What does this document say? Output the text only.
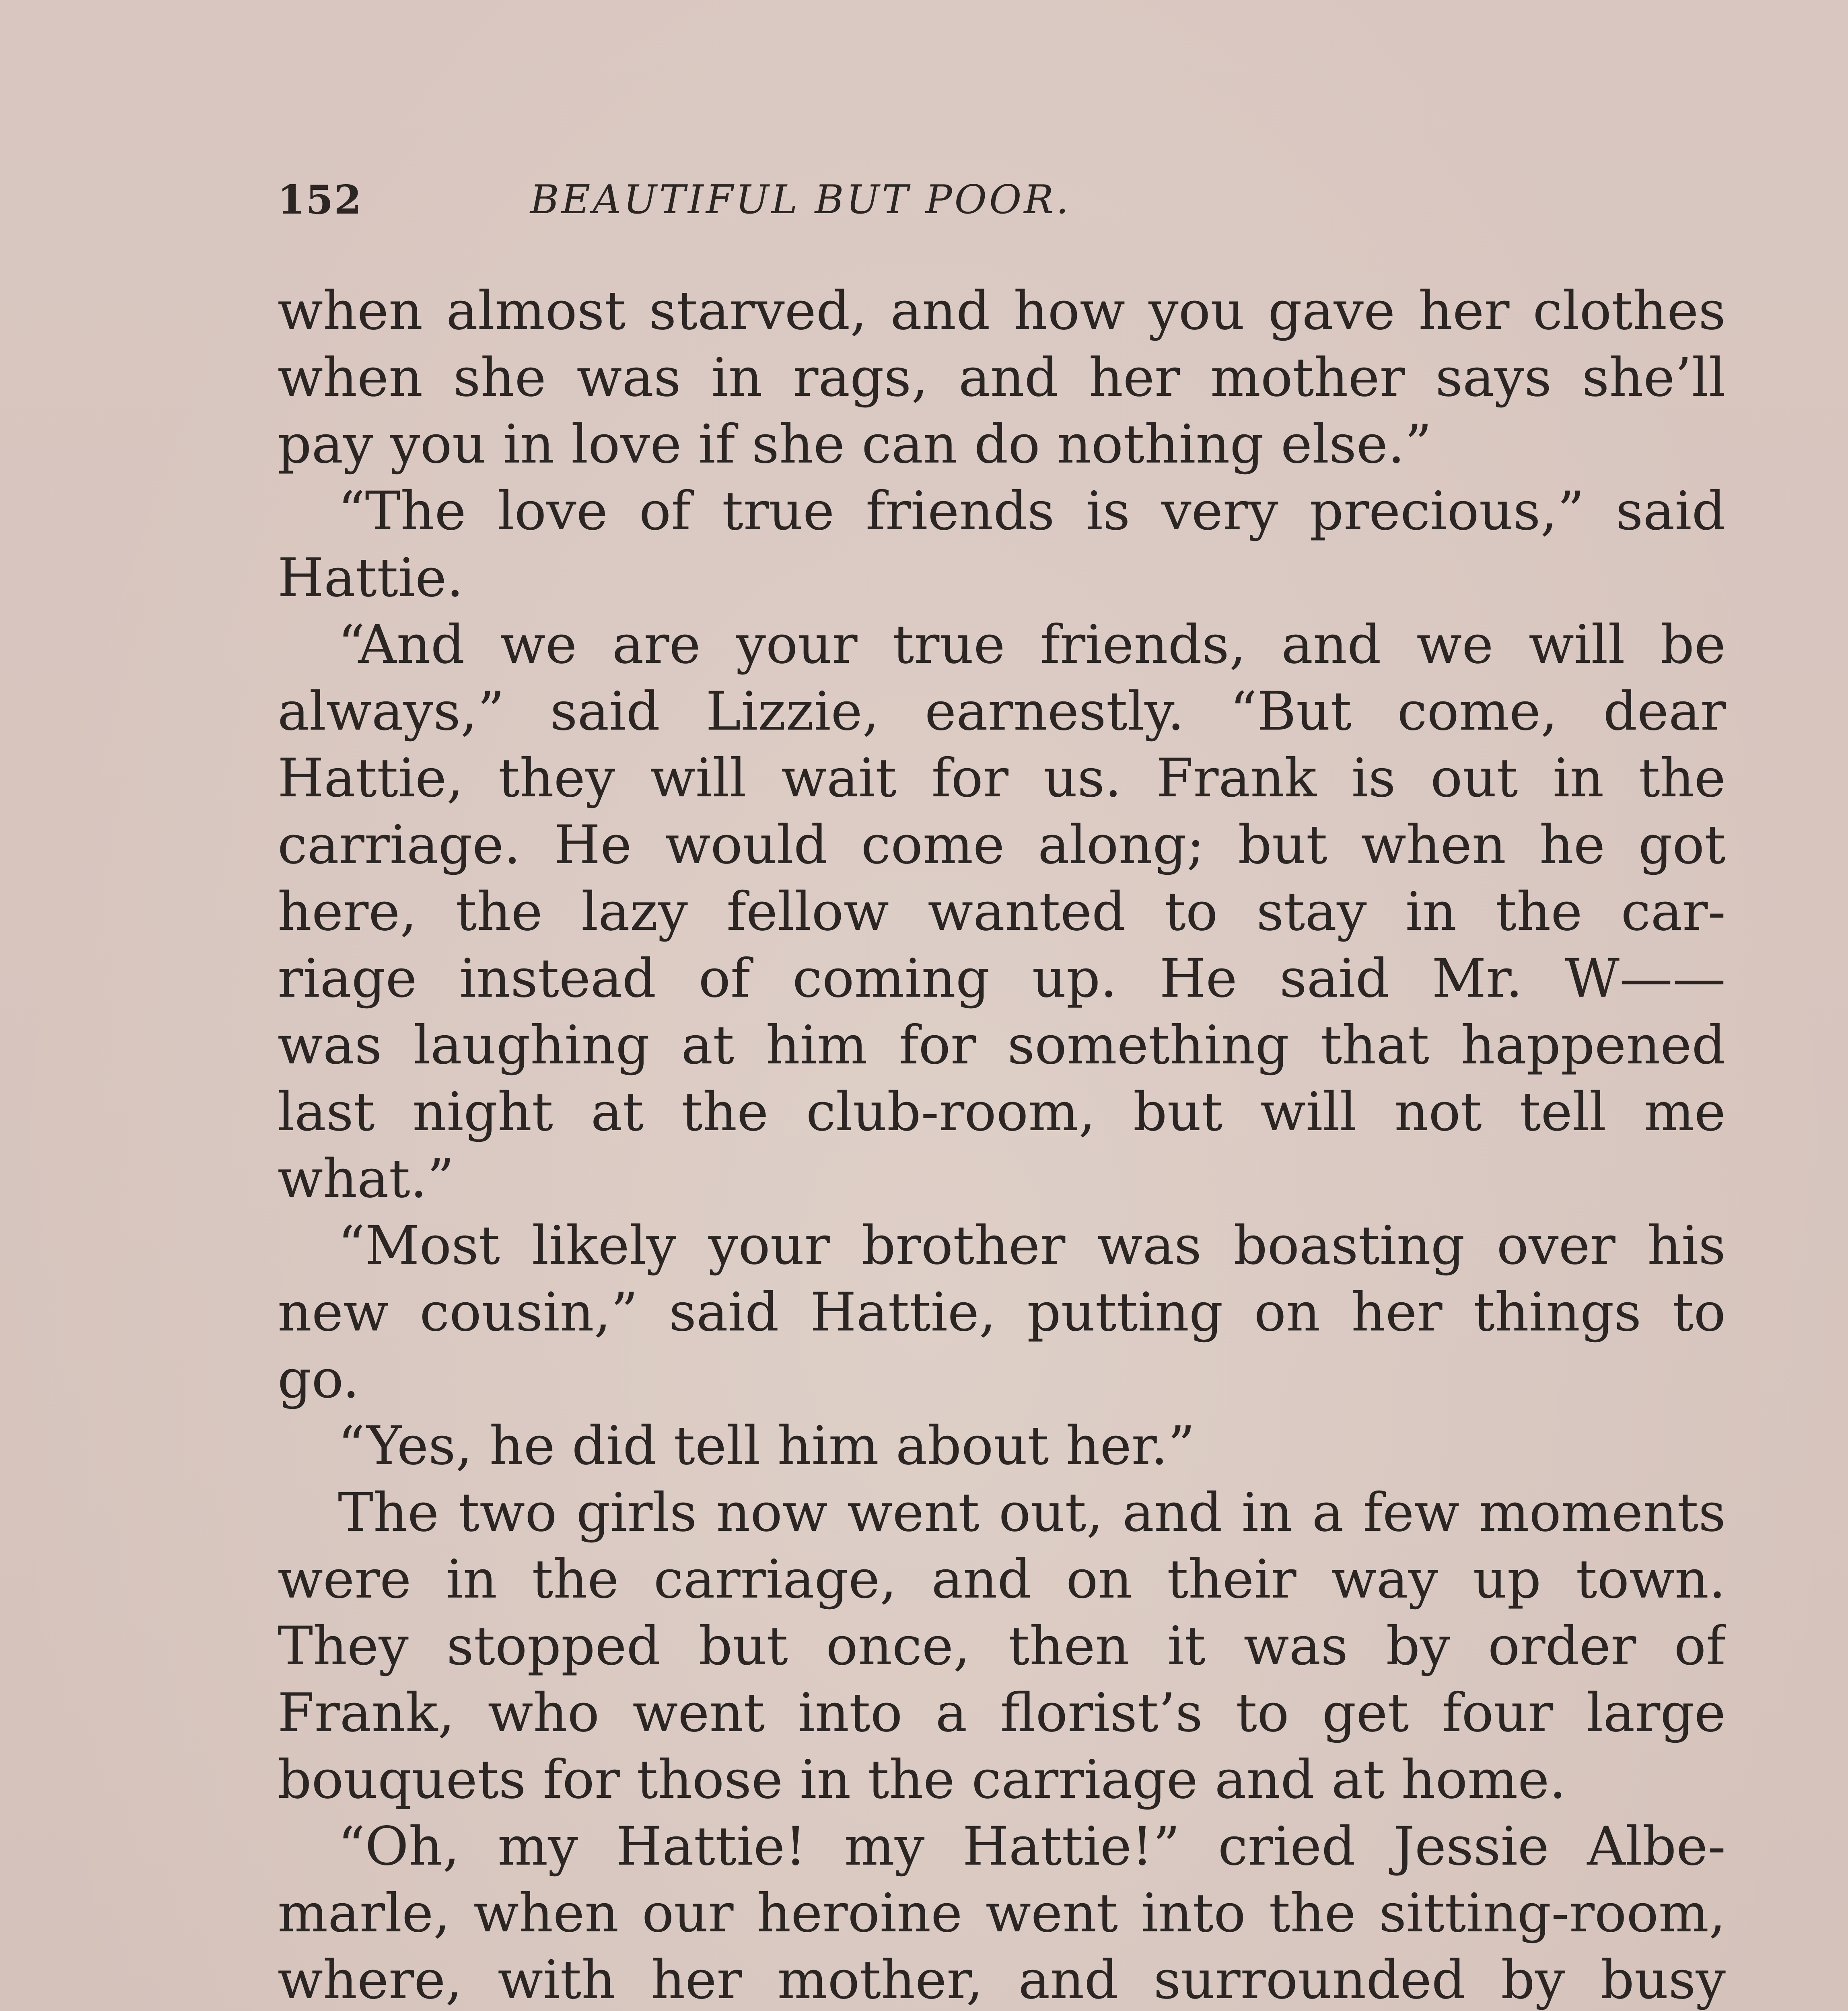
152	BEAUTIFUL BUT POOR.
when almost starved, and how you gave her clothes
when she was in rags, and her mother says she’ll
pay you in love if she can do nothing else.”
“The love of true friends is very precious,” said
Hattie.
“And we are your true friends, and we will be
always,” said Lizzie, earnestly. “But come, dear
Hattie, they will wait for us. Frank is out in the
carriage. He would come along; but when he got
here, the lazy fellow wanted to stay in the car-
riage instead of coming up. He said Mr. W——
was laughing at him for something that happened
last night at the club-room, but will not tell me
what.”
“Most likely your brother was boasting over his
new cousin,” said Hattie, putting on her things to
go.
“Yes, he did tell him about her.”
The two girls now went out, and in a few moments
were in the carriage, and on their way up town.
They stopped but once, then it was by order of
Frank, who went into a florist’s to get four large
bouquets for those in the carriage and at home.
“Oh, my Hattie! my Hattie!” cried Jessie Albe-
marle, when our heroine went into the sitting-room,
where, with her mother, and surrounded by busy
